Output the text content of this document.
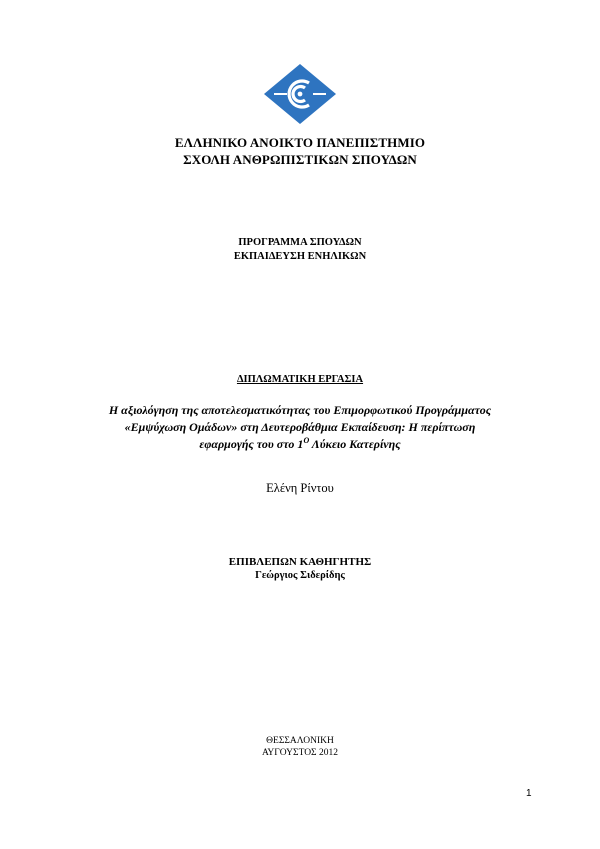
ΕΛΛΗΝΙΚΟ ΑΝΟΙΚΤΟ ΠΑΝΕΠΙΣΤΗΜΙΟ
ΣΧΟΛΗ ΑΝΘΡΩΠΙΣΤΙΚΩΝ ΣΠΟΥΔΩΝ
ΠΡΟΓΡΑΜΜΑ ΣΠΟΥΔΩΝ
ΕΚΠΑΙΔΕΥΣΗ ΕΝΗΛΙΚΩΝ
ΔΙΠΛΩΜΑΤΙΚΗ ΕΡΓΑΣΙΑ
Η αξιολόγηση της αποτελεσματικότητας του Επιμορφωτικού Προγράμματος
«Εμψύχωση Ομάδων» στη Δευτεροβάθμια Εκπαίδευση: Η περίπτωση
εφαρμογής του στο $1^O$ Λύκειο Κατερίνης
Ελένη Ρίντου
ΕΠΙΒΛΕΠΩΝ ΚΑΘΗΓΗΤΗΣ
Γεώργιος Σιδερίδης
ΘΕΣΣΑΛΟΝΙΚΗ
ΑΥΓΟΥΣΤΟΣ 2012
1
